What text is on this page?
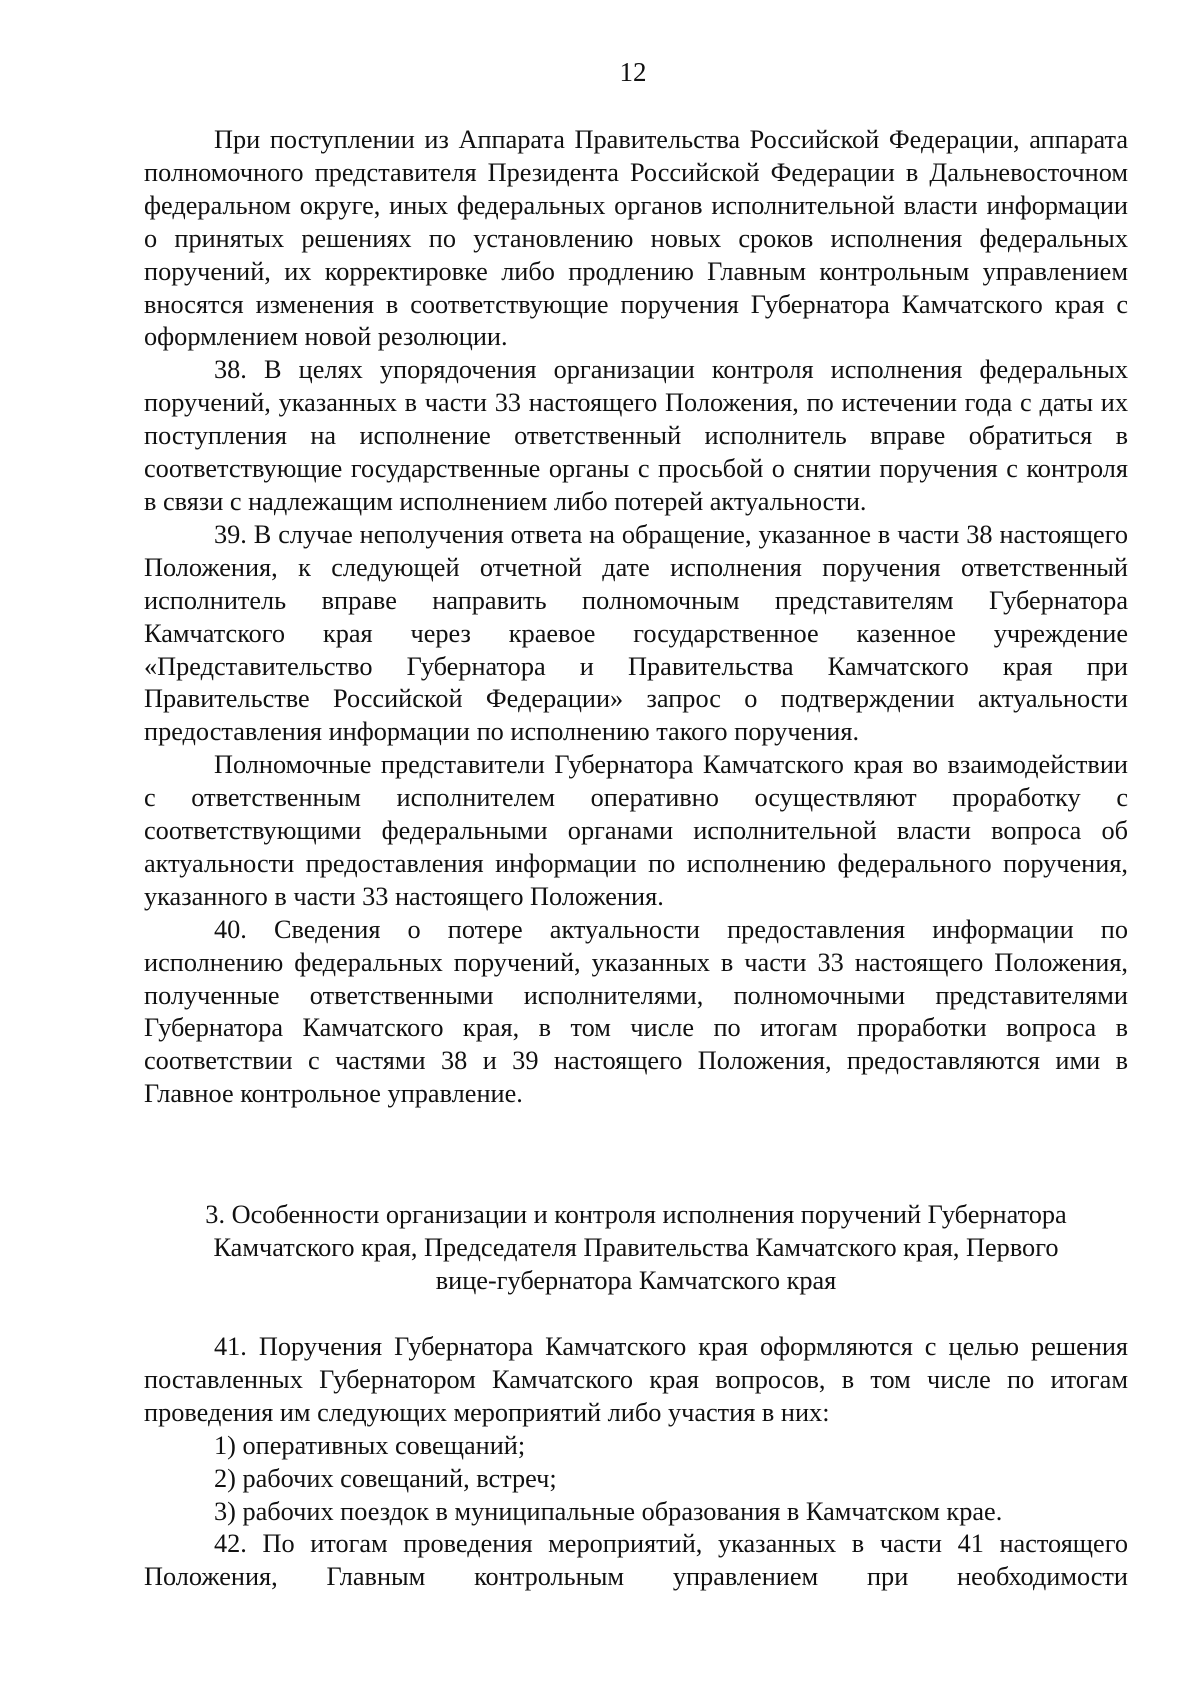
12

При поступлении из Аппарата Правительства Российской Федерации, аппарата полномочного представителя Президента Российской Федерации в Дальневосточном федеральном округе, иных федеральных органов исполнительной власти информации о принятых решениях по установлению новых сроков исполнения федеральных поручений, их корректировке либо продлению Главным контрольным управлением вносятся изменения в соответствующие поручения Губернатора Камчатского края с оформлением новой резолюции.

38. В целях упорядочения организации контроля исполнения федеральных поручений, указанных в части 33 настоящего Положения, по истечении года с даты их поступления на исполнение ответственный исполнитель вправе обратиться в соответствующие государственные органы с просьбой о снятии поручения с контроля в связи с надлежащим исполнением либо потерей актуальности.

39. В случае неполучения ответа на обращение, указанное в части 38 настоящего Положения, к следующей отчетной дате исполнения поручения ответственный исполнитель вправе направить полномочным представителям Губернатора Камчатского края через краевое государственное казенное учреждение «Представительство Губернатора и Правительства Камчатского края при Правительстве Российской Федерации» запрос о подтверждении актуальности предоставления информации по исполнению такого поручения.

Полномочные представители Губернатора Камчатского края во взаимодействии с ответственным исполнителем оперативно осуществляют проработку с соответствующими федеральными органами исполнительной власти вопроса об актуальности предоставления информации по исполнению федерального поручения, указанного в части 33 настоящего Положения.

40. Сведения о потере актуальности предоставления информации по исполнению федеральных поручений, указанных в части 33 настоящего Положения, полученные ответственными исполнителями, полномочными представителями Губернатора Камчатского края, в том числе по итогам проработки вопроса в соответствии с частями 38 и 39 настоящего Положения, предоставляются ими в Главное контрольное управление.

3. Особенности организации и контроля исполнения поручений Губернатора
Камчатского края, Председателя Правительства Камчатского края, Первого
вице-губернатора Камчатского края

41. Поручения Губернатора Камчатского края оформляются с целью решения поставленных Губернатором Камчатского края вопросов, в том числе по итогам проведения им следующих мероприятий либо участия в них:

1) оперативных совещаний;

2) рабочих совещаний, встреч;

3) рабочих поездок в муниципальные образования в Камчатском крае.

42. По итогам проведения мероприятий, указанных в части 41 настоящего Положения, Главным контрольным управлением при необходимости
